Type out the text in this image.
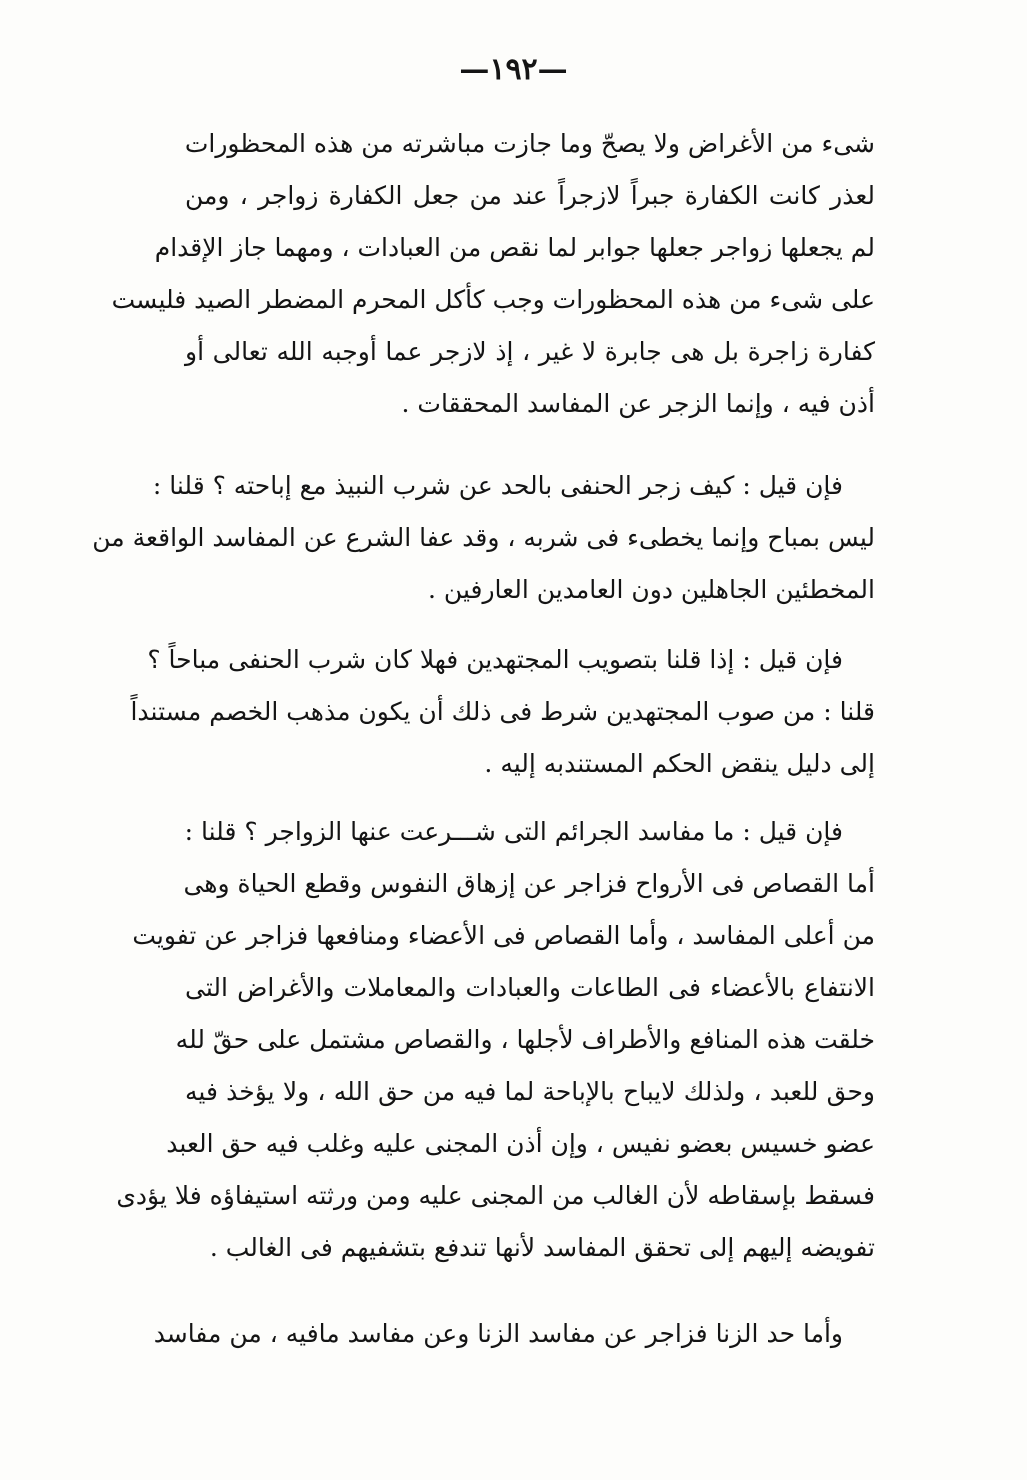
—١٩٢—
شىء من الأغراض ولا يصحّ وما جازت مباشرته من هذه المحظورات
لعذر كانت الكفارة جبراً لازجراً عند من جعل الكفارة زواجر ، ومن
لم يجعلها زواجر جعلها جوابر لما نقص من العبادات ، ومهما جاز الإقدام
على شىء من هذه المحظورات وجب كأكل المحرم المضطر الصيد فليست
كفارة زاجرة بل هى جابرة لا غير ، إذ لازجر عما أوجبه الله تعالى أو
أذن فيه ، وإنما الزجر عن المفاسد المحققات .
فإن قيل : كيف زجر الحنفى بالحد عن شرب النبيذ مع إباحته ؟ قلنا :
ليس بمباح وإنما يخطىء فى شربه ، وقد عفا الشرع عن المفاسد الواقعة من
المخطئين الجاهلين دون العامدين العارفين .
فإن قيل : إذا قلنا بتصويب المجتهدين فهلا كان شرب الحنفى مباحاً ؟
قلنا : من صوب المجتهدين شرط فى ذلك أن يكون مذهب الخصم مستنداً
إلى دليل ينقض الحكم المستندبه إليه .
فإن قيل : ما مفاسد الجرائم التى شـــرعت عنها الزواجر ؟ قلنا :
أما القصاص فى الأرواح فزاجر عن إزهاق النفوس وقطع الحياة وهى
من أعلى المفاسد ، وأما القصاص فى الأعضاء ومنافعها فزاجر عن تفويت
الانتفاع بالأعضاء فى الطاعات والعبادات والمعاملات والأغراض التى
خلقت هذه المنافع والأطراف لأجلها ، والقصاص مشتمل على حقّ لله
وحق للعبد ، ولذلك لايباح بالإباحة لما فيه من حق الله ، ولا يؤخذ فيه
عضو خسيس بعضو نفيس ، وإن أذن المجنى عليه وغلب فيه حق العبد
فسقط بإسقاطه لأن الغالب من المجنى عليه ومن ورثته استيفاؤه فلا يؤدى
تفويضه إليهم إلى تحقق المفاسد لأنها تندفع بتشفيهم فى الغالب .
وأما حد الزنا فزاجر عن مفاسد الزنا وعن مفاسد مافيه ، من مفاسد
